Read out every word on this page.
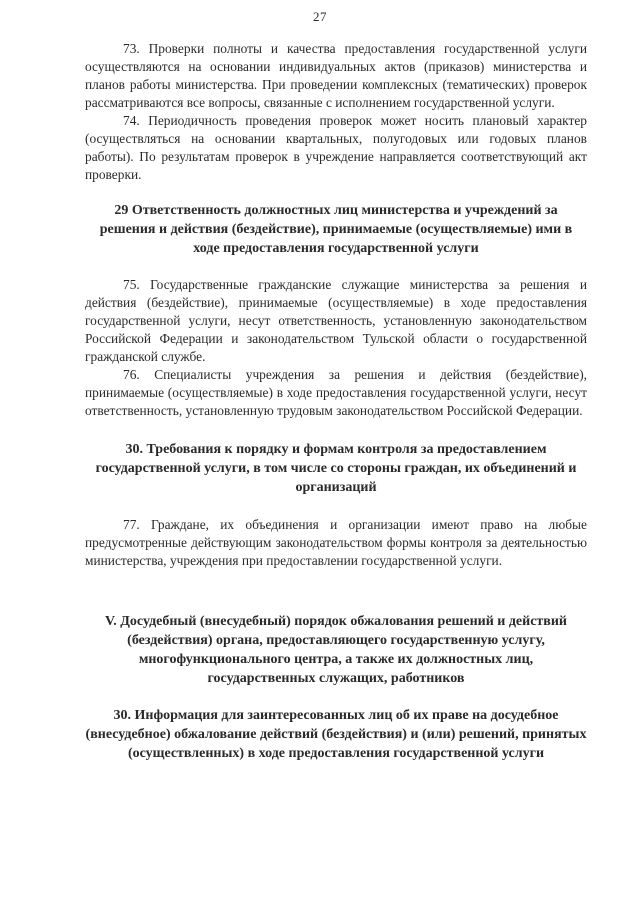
27

73. Проверки полноты и качества предоставления государственной услуги осуществляются на основании индивидуальных актов (приказов) министерства и планов работы министерства. При проведении комплексных (тематических) проверок рассматриваются все вопросы, связанные с исполнением государственной услуги.

74. Периодичность проведения проверок может носить плановый характер (осуществляться на основании квартальных, полугодовых или годовых планов работы). По результатам проверок в учреждение направляется соответствующий акт проверки.

29 Ответственность должностных лиц министерства и учреждений за решения и действия (бездействие), принимаемые (осуществляемые) ими в ходе предоставления государственной услуги

75. Государственные гражданские служащие министерства за решения и действия (бездействие), принимаемые (осуществляемые) в ходе предоставления государственной услуги, несут ответственность, установленную законодательством Российской Федерации и законодательством Тульской области о государственной гражданской службе.

76. Специалисты учреждения за решения и действия (бездействие), принимаемые (осуществляемые) в ходе предоставления государственной услуги, несут ответственность, установленную трудовым законодательством Российской Федерации.

30. Требования к порядку и формам контроля за предоставлением государственной услуги, в том числе со стороны граждан, их объединений и организаций

77. Граждане, их объединения и организации имеют право на любые предусмотренные действующим законодательством формы контроля за деятельностью министерства, учреждения при предоставлении государственной услуги.

V. Досудебный (внесудебный) порядок обжалования решений и действий (бездействия) органа, предоставляющего государственную услугу, многофункционального центра, а также их должностных лиц, государственных служащих, работников
30. Информация для заинтересованных лиц об их праве на досудебное (внесудебное) обжалование действий (бездействия) и (или) решений, принятых (осуществленных) в ходе предоставления государственной услуги
